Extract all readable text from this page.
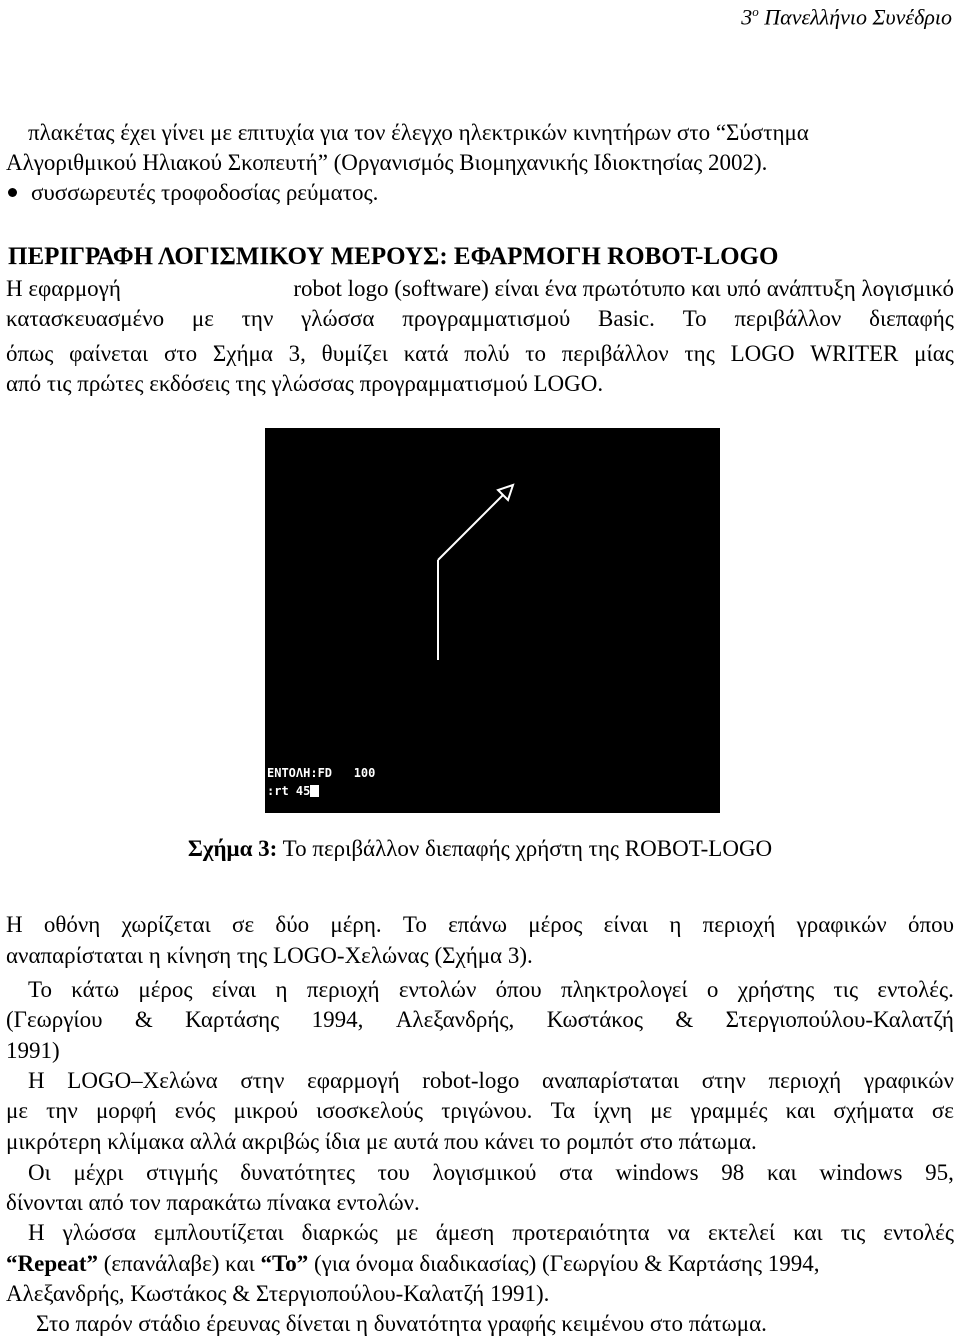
$3^o$ Πανελλήνιο Συνέδριο
πλακέτας έχει γίνει με επιτυχία για τον έλεγχο ηλεκτρικών κινητήρων στο “Σύστημα
Αλγοριθμικού Ηλιακού Σκοπευτή” (Οργανισμός Βιομηχανικής Ιδιοκτησίας 2002).
συσσωρευτές τροφοδοσίας ρεύματος.
ΠΕΡΙΓΡΑΦΗ ΛΟΓΙΣΜΙΚΟΥ ΜΕΡΟΥΣ: ΕΦΑΡΜΟΓΗ ROBOT-LOGO
Η εφαρμογή	robot logo (software) είναι ένα πρωτότυπο και υπό ανάπτυξη λογισμικό
κατασκευασμένο με την γλώσσα προγραμματισμού Basic. Το περιβάλλον διεπαφής
όπως φαίνεται στο Σχήμα 3, θυμίζει κατά πολύ το περιβάλλον της LOGO WRITER μίας
από τις πρώτες εκδόσεις της γλώσσας προγραμματισμού LOGO.
ΕΝΤΟΛΗ:FD   100
:rt 45
Σχήμα 3: Το περιβάλλον διεπαφής χρήστη της ROBOT-LOGO
Η οθόνη χωρίζεται σε δύο μέρη. Το επάνω μέρος είναι η περιοχή γραφικών όπου
αναπαρίσταται η κίνηση της LOGO-Χελώνας (Σχήμα 3).
Το κάτω μέρος είναι η περιοχή εντολών όπου πληκτρολογεί ο χρήστης τις εντολές.
(Γεωργίου & Καρτάσης 1994, Αλεξανδρής, Κωστάκος & Στεργιοπούλου-Καλατζή
1991)
Η LOGO–Χελώνα στην εφαρμογή robot-logo αναπαρίσταται στην περιοχή γραφικών
με την μορφή ενός μικρού ισοσκελούς τριγώνου. Τα ίχνη με γραμμές και σχήματα σε
μικρότερη κλίμακα αλλά ακριβώς ίδια με αυτά που κάνει το ρομπότ στο πάτωμα.
Οι μέχρι στιγμής δυνατότητες του λογισμικού στα windows 98 και windows 95,
δίνονται από τον παρακάτω πίνακα εντολών.
Η γλώσσα εμπλουτίζεται διαρκώς με άμεση προτεραιότητα να εκτελεί και τις εντολές
“Repeat” (επανάλαβε) και “To” (για όνομα διαδικασίας) (Γεωργίου & Καρτάσης 1994,
Αλεξανδρής, Κωστάκος & Στεργιοπούλου-Καλατζή 1991).
Στο παρόν στάδιο έρευνας δίνεται η δυνατότητα γραφής κειμένου στο πάτωμα.
